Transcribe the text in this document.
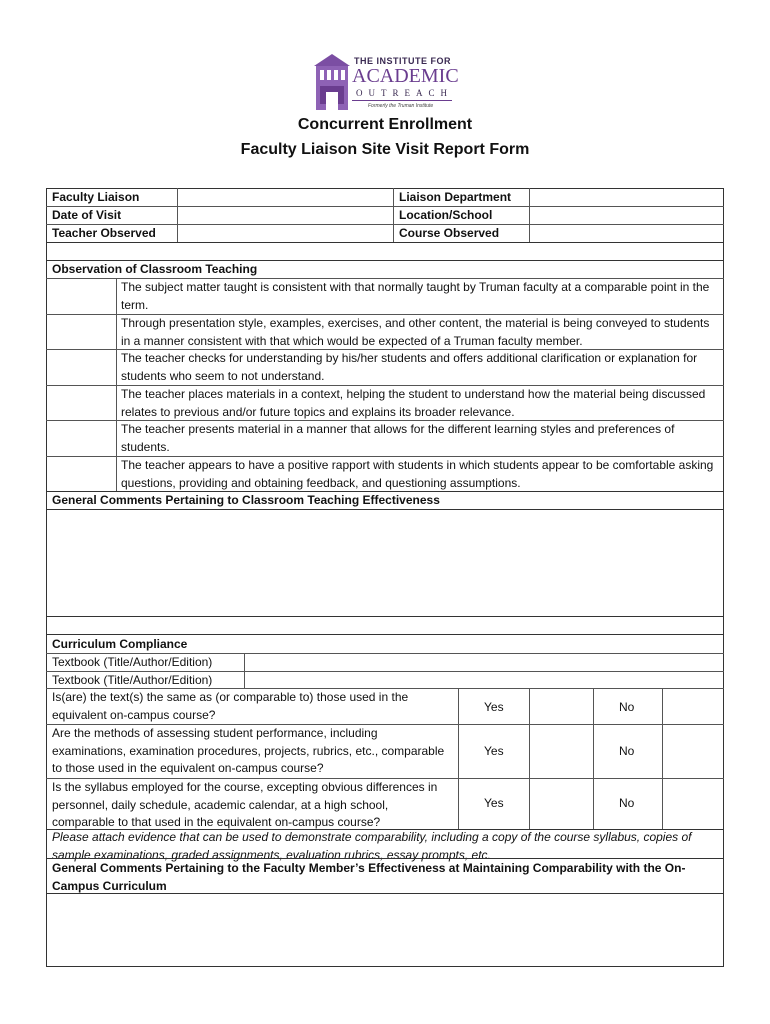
THE INSTITUTE FOR
ACADEMIC
OUTREACH
Formerly the Truman Institute
Concurrent Enrollment
Faculty Liaison Site Visit Report Form
Faculty Liaison
Date of Visit
Teacher Observed
Liaison Department
Location/School
Course Observed
Observation of Classroom Teaching
The subject matter taught is consistent with that normally taught by Truman faculty at a comparable point in the term.
Through presentation style, examples, exercises, and other content, the material is being conveyed to students in a manner consistent with that which would be expected of a Truman faculty member.
The teacher checks for understanding by his/her students and offers additional clarification or explanation for students who seem to not understand.
The teacher places materials in a context, helping the student to understand how the material being discussed relates to previous and/or future topics and explains its broader relevance.
The teacher presents material in a manner that allows for the different learning styles and preferences of students.
The teacher appears to have a positive rapport with students in which students appear to be comfortable asking questions, providing and obtaining feedback, and questioning assumptions.
General Comments Pertaining to Classroom Teaching Effectiveness
Curriculum Compliance
Textbook (Title/Author/Edition)
Textbook (Title/Author/Edition)
Is(are) the text(s) the same as (or comparable to) those used in the equivalent on-campus course?
Are the methods of assessing student performance, including examinations, examination procedures, projects, rubrics, etc., comparable to those used in the equivalent on-campus course?
Is the syllabus employed for the course, excepting obvious differences in personnel, daily schedule, academic calendar, at a high school, comparable to that used in the equivalent on-campus course?
Yes
Yes
Yes
No
No
No
Please attach evidence that can be used to demonstrate comparability, including a copy of the course syllabus, copies of sample examinations, graded assignments, evaluation rubrics, essay prompts, etc.
General Comments Pertaining to the Faculty Member’s Effectiveness at Maintaining Comparability with the On-Campus Curriculum
